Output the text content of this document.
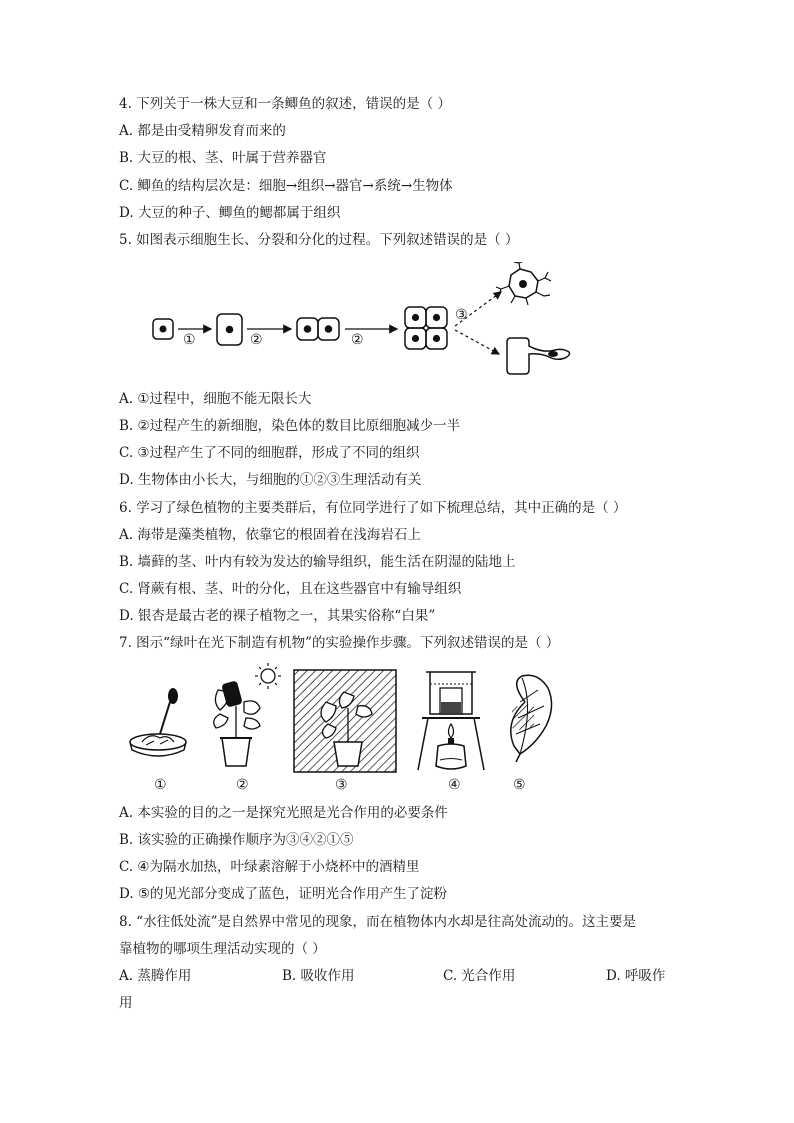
4. 下列关于一株大豆和一条鲫鱼的叙述，错误的是（ ）
A. 都是由受精卵发育而来的
B. 大豆的根、茎、叶属于营养器官
C. 鲫鱼的结构层次是：细胞→组织→器官→系统→生物体
D. 大豆的种子、鲫鱼的鳃都属于组织
5. 如图表示细胞生长、分裂和分化的过程。下列叙述错误的是（ ）
①	②	②
③
A. ①过程中，细胞不能无限长大
B. ②过程产生的新细胞，染色体的数目比原细胞减少一半
C. ③过程产生了不同的细胞群，形成了不同的组织
D. 生物体由小长大，与细胞的①②③生理活动有关
6. 学习了绿色植物的主要类群后，有位同学进行了如下梳理总结，其中正确的是（ ）
A. 海带是藻类植物，依靠它的根固着在浅海岩石上
B. 墙藓的茎、叶内有较为发达的输导组织，能生活在阴湿的陆地上
C. 肾蕨有根、茎、叶的分化，且在这些器官中有输导组织
D. 银杏是最古老的裸子植物之一，其果实俗称“白果”
7. 图示“绿叶在光下制造有机物”的实验操作步骤。下列叙述错误的是（ ）
①	②	③	④	⑤
A. 本实验的目的之一是探究光照是光合作用的必要条件
B. 该实验的正确操作顺序为③④②①⑤
C. ④为隔水加热，叶绿素溶解于小烧杯中的酒精里
D. ⑤的见光部分变成了蓝色，证明光合作用产生了淀粉
8. “水往低处流”是自然界中常见的现象，而在植物体内水却是往高处流动的。这主要是
靠植物的哪项生理活动实现的（ ）
A. 蒸腾作用	B. 吸收作用	C. 光合作用	D. 呼吸作
用
